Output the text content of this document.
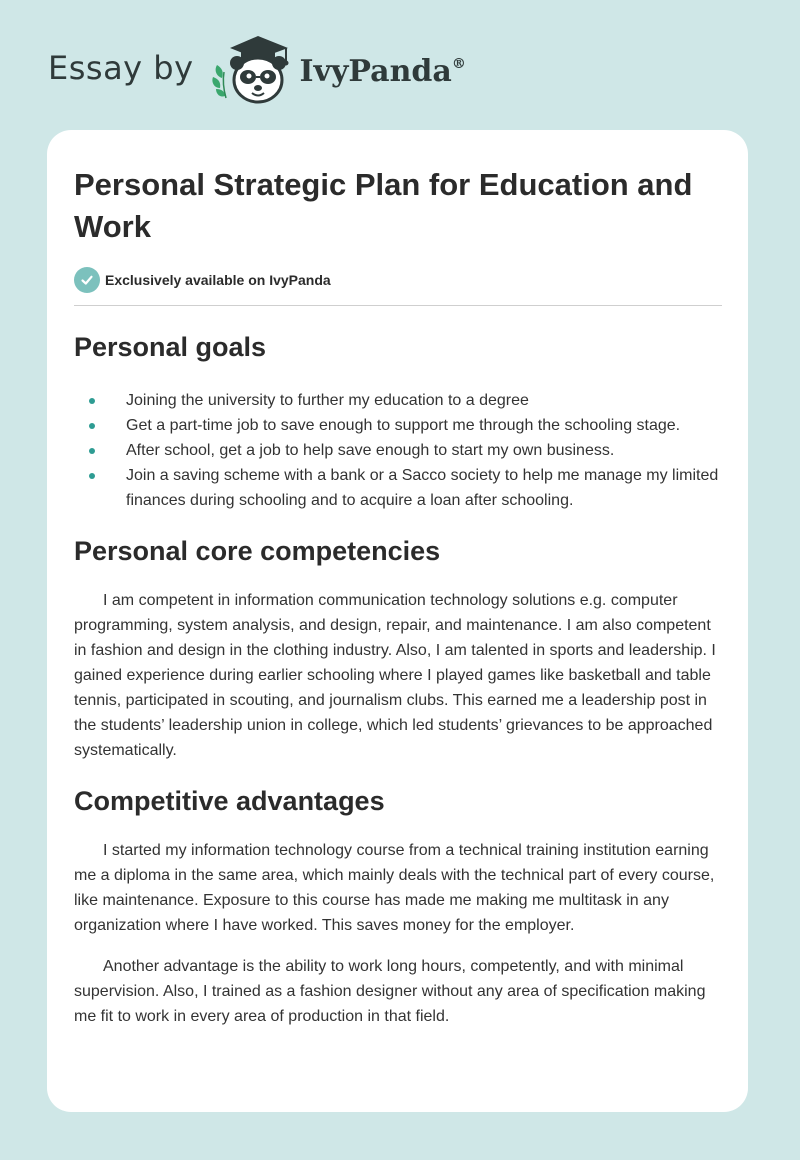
Essay by	IvyPanda®
Personal Strategic Plan for Education and Work
Exclusively available on IvyPanda
Personal goals
Joining the university to further my education to a degree
Get a part-time job to save enough to support me through the schooling stage.
After school, get a job to help save enough to start my own business.
Join a saving scheme with a bank or a Sacco society to help me manage my limited finances during schooling and to acquire a loan after schooling.
Personal core competencies

I am competent in information communication technology solutions e.g. computer programming, system analysis, and design, repair, and maintenance. I am also competent in fashion and design in the clothing industry. Also, I am talented in sports and leadership. I gained experience during earlier schooling where I played games like basketball and table tennis, participated in scouting, and journalism clubs. This earned me a leadership post in the students’ leadership union in college, which led students’ grievances to be approached systematically.

Competitive advantages

I started my information technology course from a technical training institution earning me a diploma in the same area, which mainly deals with the technical part of every course, like maintenance. Exposure to this course has made me making me multitask in any organization where I have worked. This saves money for the employer.

Another advantage is the ability to work long hours, competently, and with minimal supervision. Also, I trained as a fashion designer without any area of specification making me fit to work in every area of production in that field.
